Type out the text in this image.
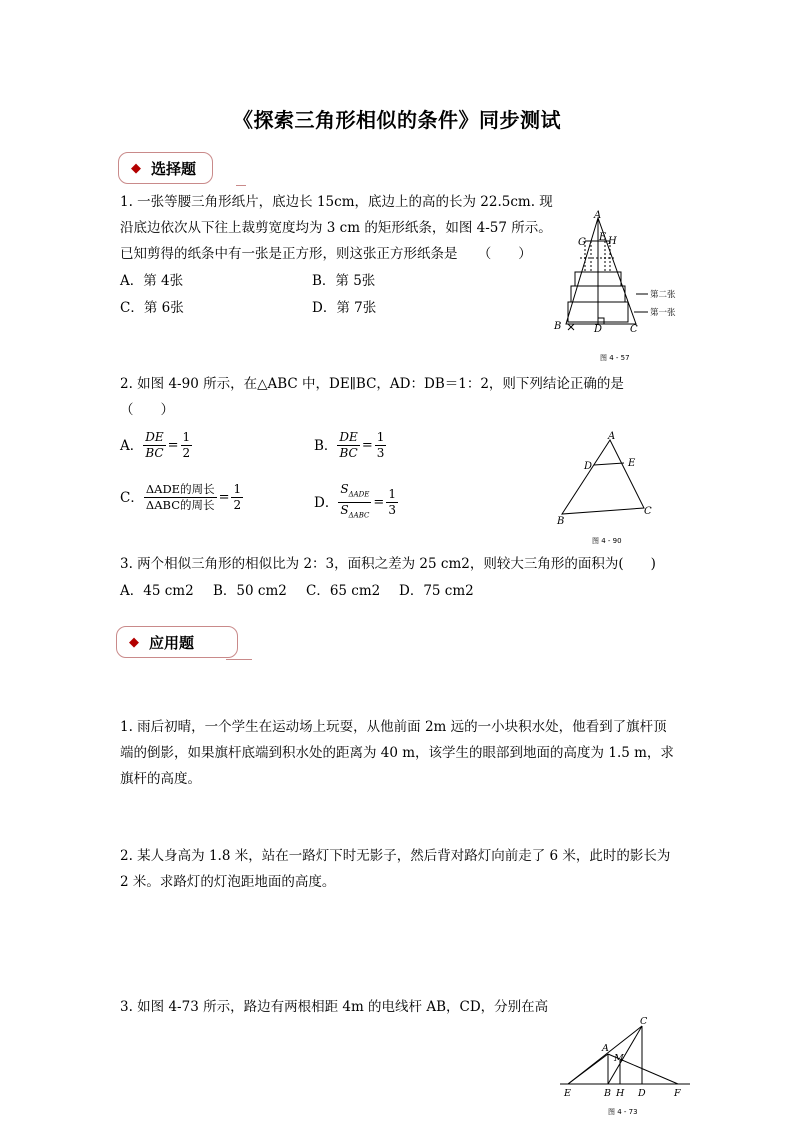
《探索三角形相似的条件》同步测试
◆ 选择题
1. 一张等腰三角形纸片，底边长 15cm，底边上的高的长为 22.5cm. 现
沿底边依次从下往上裁剪宽度均为 3 cm 的矩形纸条，如图 4-57 所示。
已知剪得的纸条中有一张是正方形，则这张正方形纸条是　　（　　）
A．第 4张	B．第 5张
C．第 6张	D．第 7张
A
G E H
B	D	C
第二张
第一张
图 4 - 57
2. 如图 4-90 所示，在△ABC 中，DE∥BC，AD：DB＝1：2，则下列结论正确的是
（　　）
A． $\frac{DE}{BC} = \frac{1}{2}$	B． $\frac{DE}{BC} = \frac{1}{3}$
C． $\frac{\text{ΔADE的周长}}{\text{ΔABC的周长}} = \frac{1}{2}$	D． $\frac{S_{\Delta ADE}}{S_{\Delta ABC}} = \frac{1}{3}$
A
D	E
B
C
图 4 - 90
3. 两个相似三角形的相似比为 2：3，面积之差为 25 cm2，则较大三角形的面积为(　　)
A．45 cm2 B．50 cm2 C．65 cm2 D．75 cm2
◆ 应用题
1. 雨后初晴，一个学生在运动场上玩耍，从他前面 2m 远的一小块积水处，他看到了旗杆顶
端的倒影，如果旗杆底端到积水处的距离为 40 m，该学生的眼部到地面的高度为 1.5 m，求
旗杆的高度。
2. 某人身高为 1.8 米，站在一路灯下时无影子，然后背对路灯向前走了 6 米，此时的影长为
2 米。求路灯的灯泡距地面的高度。
3. 如图 4-73 所示，路边有两根相距 4m 的电线杆 AB，CD，分别在高
C
A
M
E	B H D	F
图 4 - 73
